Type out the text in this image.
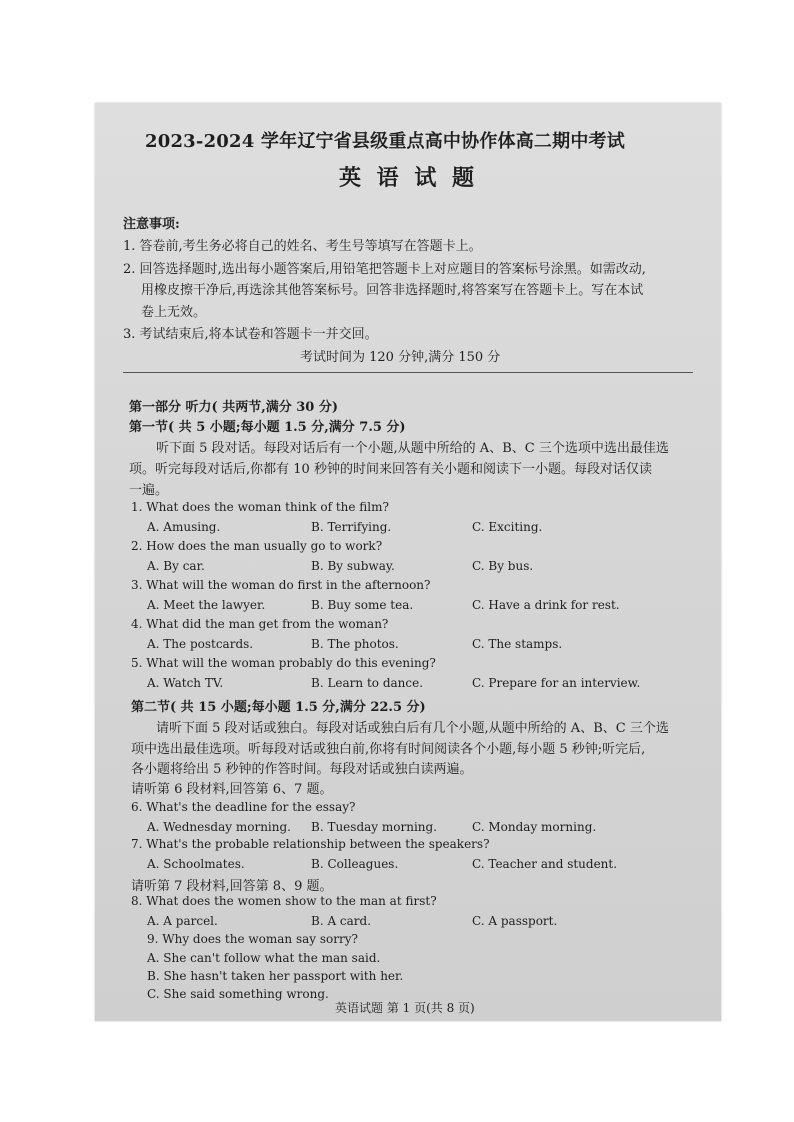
2023-2024 学年辽宁省县级重点高中协作体高二期中考试
英 语 试 题
注意事项:
1. 答卷前,考生务必将自己的姓名、考生号等填写在答题卡上。
2. 回答选择题时,选出每小题答案后,用铅笔把答题卡上对应题目的答案标号涂黑。如需改动,
用橡皮擦干净后,再选涂其他答案标号。回答非选择题时,将答案写在答题卡上。写在本试
卷上无效。
3. 考试结束后,将本试卷和答题卡一并交回。
考试时间为 120 分钟,满分 150 分
第一部分 听力( 共两节,满分 30 分)
第一节( 共 5 小题;每小题 1.5 分,满分 7.5 分)
听下面 5 段对话。每段对话后有一个小题,从题中所给的 A、B、C 三个选项中选出最佳选
项。听完每段对话后,你都有 10 秒钟的时间来回答有关小题和阅读下一小题。每段对话仅读
一遍。
1. What does the woman think of the film?
A. Amusing.	B. Terrifying.	C. Exciting.
2. How does the man usually go to work?
A. By car.	B. By subway.	C. By bus.
3. What will the woman do first in the afternoon?
A. Meet the lawyer.	B. Buy some tea.	C. Have a drink for rest.
4. What did the man get from the woman?
A. The postcards.	B. The photos.	C. The stamps.
5. What will the woman probably do this evening?
A. Watch TV.	B. Learn to dance.	C. Prepare for an interview.
第二节( 共 15 小题;每小题 1.5 分,满分 22.5 分)
请听下面 5 段对话或独白。每段对话或独白后有几个小题,从题中所给的 A、B、C 三个选
项中选出最佳选项。听每段对话或独白前,你将有时间阅读各个小题,每小题 5 秒钟;听完后,
各小题将给出 5 秒钟的作答时间。每段对话或独白读两遍。
请听第 6 段材料,回答第 6、7 题。
6. What's the deadline for the essay?
A. Wednesday morning. B. Tuesday morning.	C. Monday morning.
7. What's the probable relationship between the speakers?
A. Schoolmates.	B. Colleagues.	C. Teacher and student.
请听第 7 段材料,回答第 8、9 题。
8. What does the women show to the man at first?
A. A parcel.	B. A card.	C. A passport.
9. Why does the woman say sorry?
A. She can't follow what the man said.
B. She hasn't taken her passport with her.
C. She said something wrong.
英语试题 第 1 页(共 8 页)
